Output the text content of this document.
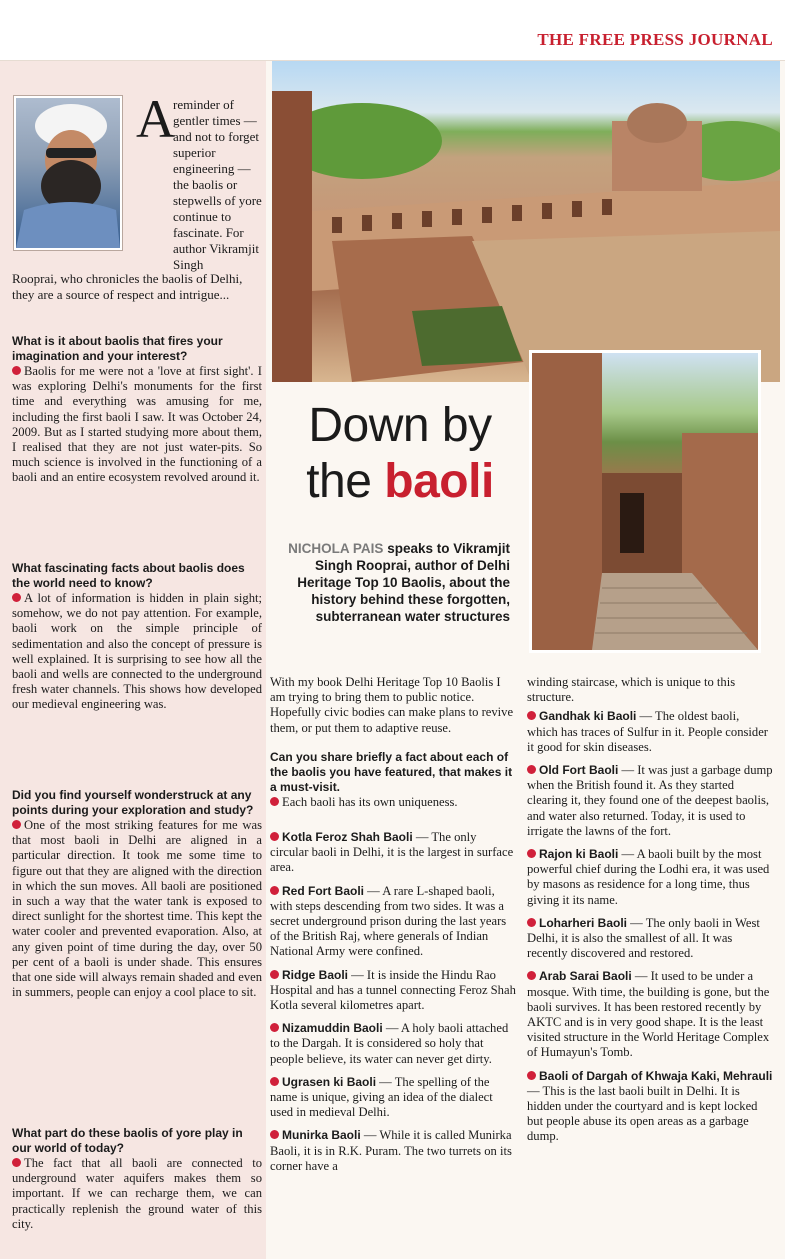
THE FREE PRESS JOURNAL
A
reminder of gentler times — and not to forget superior engineering — the baolis or stepwells of yore continue to fascinate. For author Vikramjit Singh
Rooprai, who chronicles the baolis of Delhi, they are a source of respect and intrigue...
What is it about baolis that fires your imagination and your interest?
Baolis for me were not a 'love at first sight'. I was exploring Delhi's monuments for the first time and everything was amusing for me, including the first baoli I saw. It was October 24, 2009. But as I started studying more about them, I realised that they are not just water-pits. So much science is involved in the functioning of a baoli and an entire ecosystem revolved around it.
What fascinating facts about baolis does the world need to know?
A lot of information is hidden in plain sight; somehow, we do not pay attention. For example, baoli work on the simple principle of sedimentation and also the concept of pressure is well explained. It is surprising to see how all the baoli and wells are connected to the underground fresh water channels. This shows how developed our medieval engineering was.
Did you find yourself wonderstruck at any points during your exploration and study?
One of the most striking features for me was that most baoli in Delhi are aligned in a particular direction. It took me some time to figure out that they are aligned with the direction in which the sun moves. All baoli are positioned in such a way that the water tank is exposed to direct sunlight for the shortest time. This kept the water cooler and prevented evaporation. Also, at any given point of time during the day, over 50 per cent of a baoli is under shade. This ensures that one side will always remain shaded and even in summers, people can enjoy a cool place to sit.
What part do these baolis of yore play in our world of today?
The fact that all baoli are connected to underground water aquifers makes them so important. If we can recharge them, we can practically replenish the ground water of this city.
Down by
the baoli
NICHOLA PAIS speaks to Vikramjit Singh Rooprai, author of Delhi Heritage Top 10 Baolis, about the history behind these forgotten, subterranean water structures
With my book Delhi Heritage Top 10 Baolis I am trying to bring them to public notice. Hopefully civic bodies can make plans to revive them, or put them to adaptive reuse.
Can you share briefly a fact about each of the baolis you have featured, that makes it a must-visit.
Each baoli has its own uniqueness.
Kotla Feroz Shah Baoli — The only circular baoli in Delhi, it is the largest in surface area.
Red Fort Baoli — A rare L-shaped baoli, with steps descending from two sides. It was a secret underground prison during the last years of the British Raj, where generals of Indian National Army were confined.
Ridge Baoli — It is inside the Hindu Rao Hospital and has a tunnel connecting Feroz Shah Kotla several kilometres apart.
Nizamuddin Baoli — A holy baoli attached to the Dargah. It is considered so holy that people believe, its water can never get dirty.
Ugrasen ki Baoli — The spelling of the name is unique, giving an idea of the dialect used in medieval Delhi.
Munirka Baoli — While it is called Munirka Baoli, it is in R.K. Puram. The two turrets on its corner have a
winding staircase, which is unique to this structure.
Gandhak ki Baoli — The oldest baoli, which has traces of Sulfur in it. People consider it good for skin diseases.
Old Fort Baoli — It was just a garbage dump when the British found it. As they started clearing it, they found one of the deepest baolis, and water also returned. Today, it is used to irrigate the lawns of the fort.
Rajon ki Baoli — A baoli built by the most powerful chief during the Lodhi era, it was used by masons as residence for a long time, thus giving it its name.
Loharheri Baoli — The only baoli in West Delhi, it is also the smallest of all. It was recently discovered and restored.
Arab Sarai Baoli — It used to be under a mosque. With time, the building is gone, but the baoli survives. It has been restored recently by AKTC and is in very good shape. It is the least visited structure in the World Heritage Complex of Humayun's Tomb.
Baoli of Dargah of Khwaja Kaki, Mehrauli — This is the last baoli built in Delhi. It is hidden under the courtyard and is kept locked but people abuse its open areas as a garbage dump.
